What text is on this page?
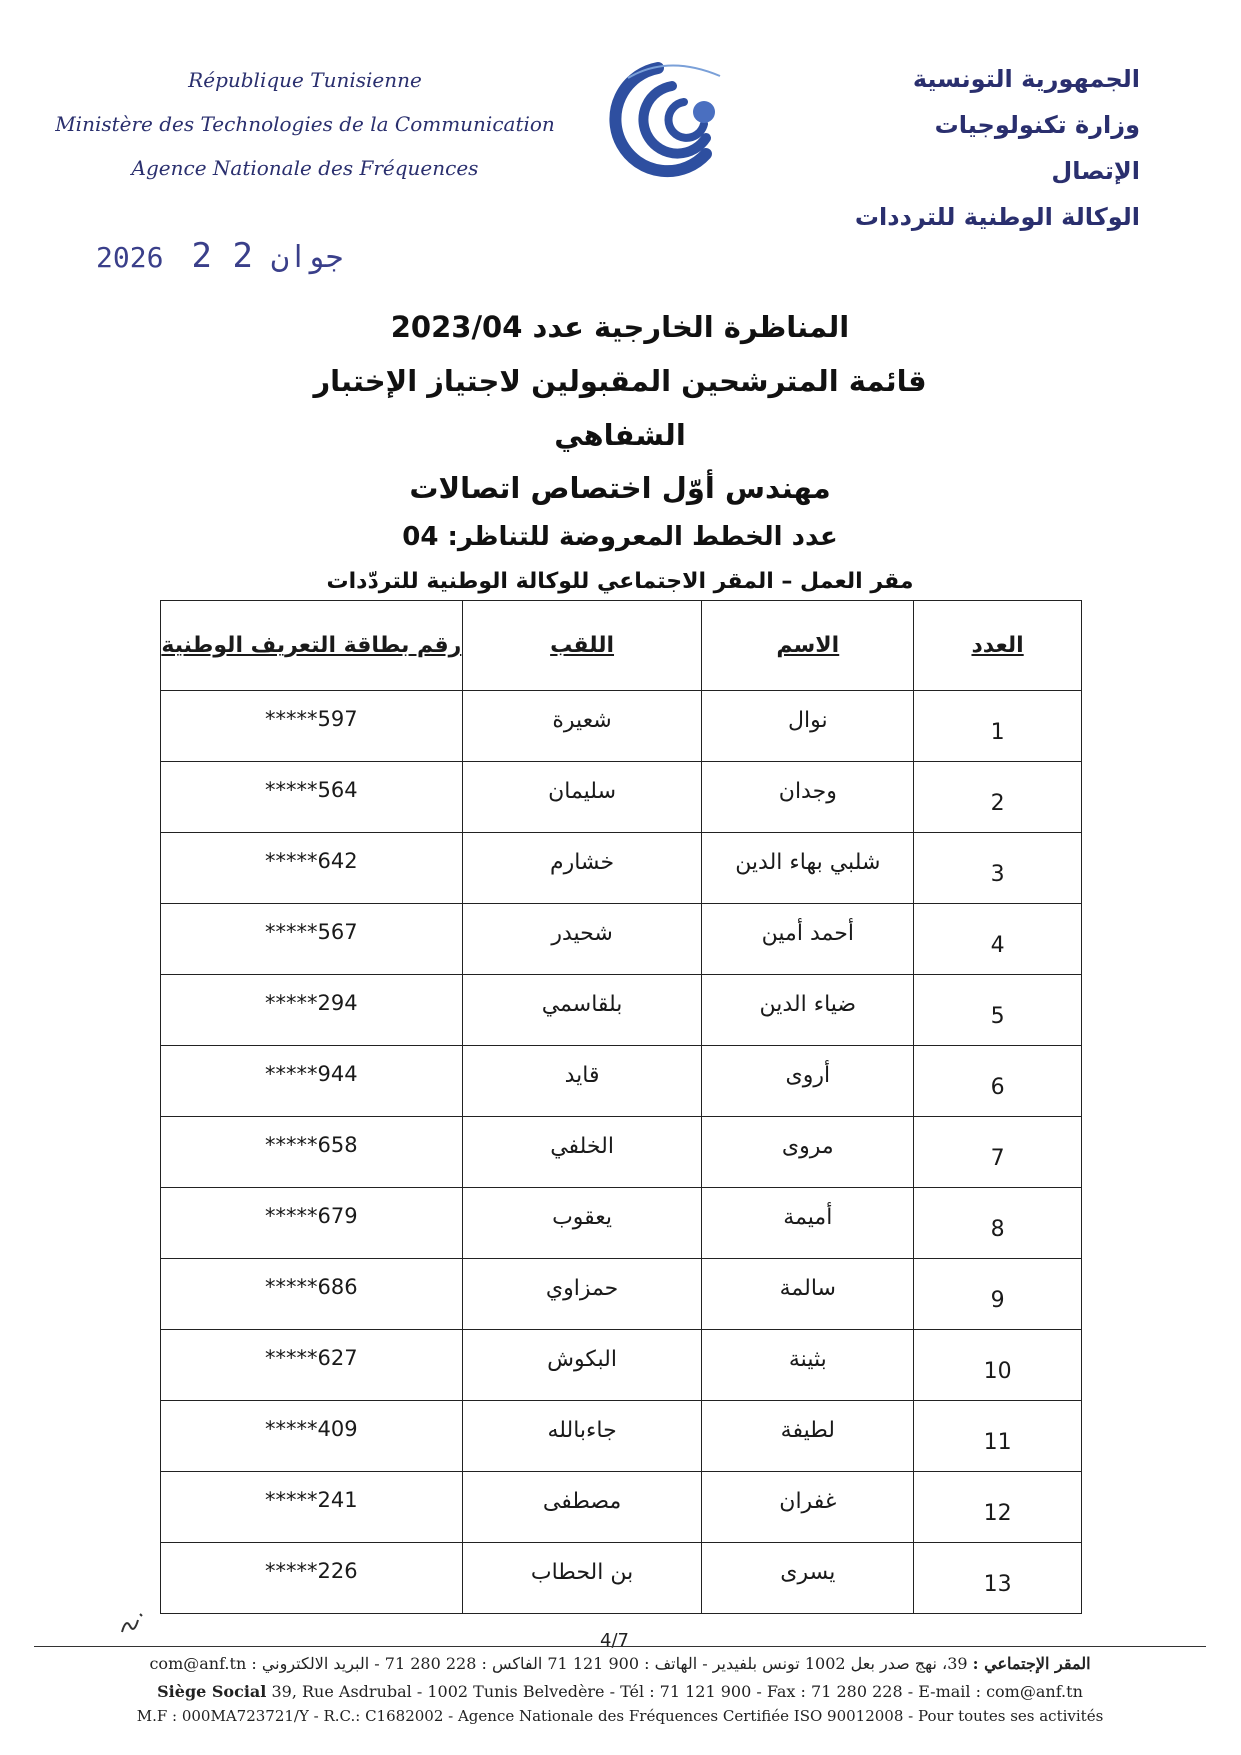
République Tunisienne
Ministère des Technologies de la Communication
Agence Nationale des Fréquences
الجمهورية التونسية
وزارة تكنولوجيات الإتصال
الوكالة الوطنية للترددات
2026	جوان 2 2
المناظرة الخارجية عدد 2023/04
قائمة المترشحين المقبولين لاجتياز الإختبار الشفاهي
مهندس أوّل اختصاص اتصالات
عدد الخطط المعروضة للتناظر: 04
مقر العمل – المقر الاجتماعي للوكالة الوطنية للتردّدات
العدد	الاسم	اللقب	رقم بطاقة التعريف الوطنية
1	نوال	شعيرة	*****597
2	وجدان	سليمان	*****564
3	شلبي بهاء الدين	خشارم	*****642
4	أحمد أمين	شحيدر	*****567
5	ضياء الدين	بلقاسمي	*****294
6	أروى	قايد	*****944
7	مروى	الخلفي	*****658
8	أميمة	يعقوب	*****679
9	سالمة	حمزاوي	*****686
10	بثينة	البكوش	*****627
11	لطيفة	جاءبالله	*****409
12	غفران	مصطفى	*****241
13	يسرى	بن الحطاب	*****226
4/7
المقر الإجتماعي : 39، نهج صدر بعل 1002 تونس بلفيدير - الهاتف : 900 121 71 الفاكس : 228 280 71 - البريد الالكتروني : com@anf.tn
Siège Social 39, Rue Asdrubal - 1002 Tunis Belvedère - Tél : 71 121 900 - Fax : 71 280 228 - E-mail : com@anf.tn
M.F : 000MA723721/Y - R.C.: C1682002 - Agence Nationale des Fréquences Certifiée ISO 90012008 - Pour toutes ses activités
